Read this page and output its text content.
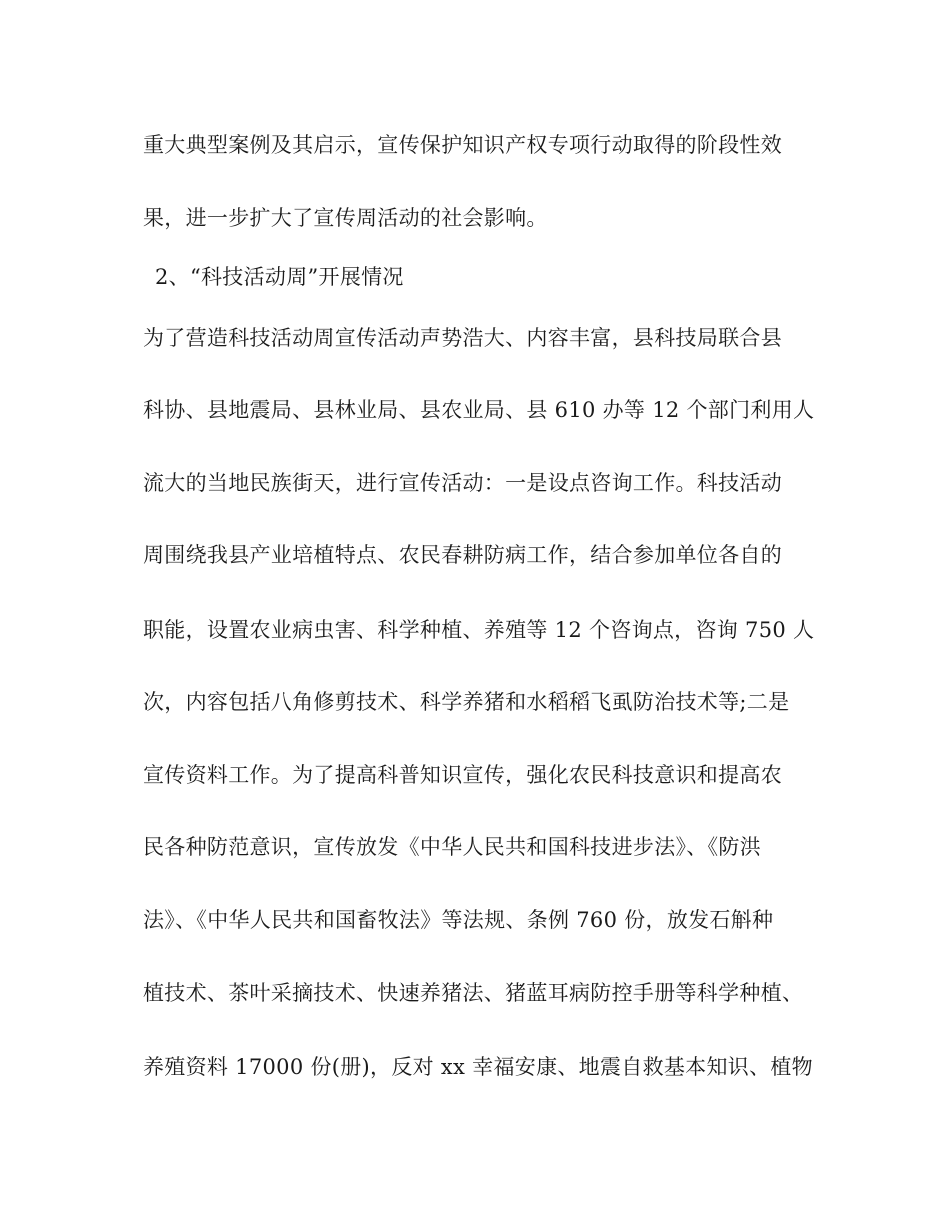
重大典型案例及其启示，宣传保护知识产权专项行动取得的阶段性效
果，进一步扩大了宣传周活动的社会影响。
2、“科技活动周”开展情况
为了营造科技活动周宣传活动声势浩大、内容丰富，县科技局联合县
科协、县地震局、县林业局、县农业局、县 610 办等 12 个部门利用人
流大的当地民族街天，进行宣传活动：一是设点咨询工作。科技活动
周围绕我县产业培植特点、农民春耕防病工作，结合参加单位各自的
职能，设置农业病虫害、科学种植、养殖等 12 个咨询点，咨询 750 人
次，内容包括八角修剪技术、科学养猪和水稻稻飞虱防治技术等;二是
宣传资料工作。为了提高科普知识宣传，强化农民科技意识和提高农
民各种防范意识，宣传放发《中华人民共和国科技进步法》、《防洪
法》、《中华人民共和国畜牧法》等法规、条例 760 份，放发石斛种
植技术、茶叶采摘技术、快速养猪法、猪蓝耳病防控手册等科学种植、
养殖资料 17000 份(册)，反对 xx 幸福安康、地震自救基本知识、植物
